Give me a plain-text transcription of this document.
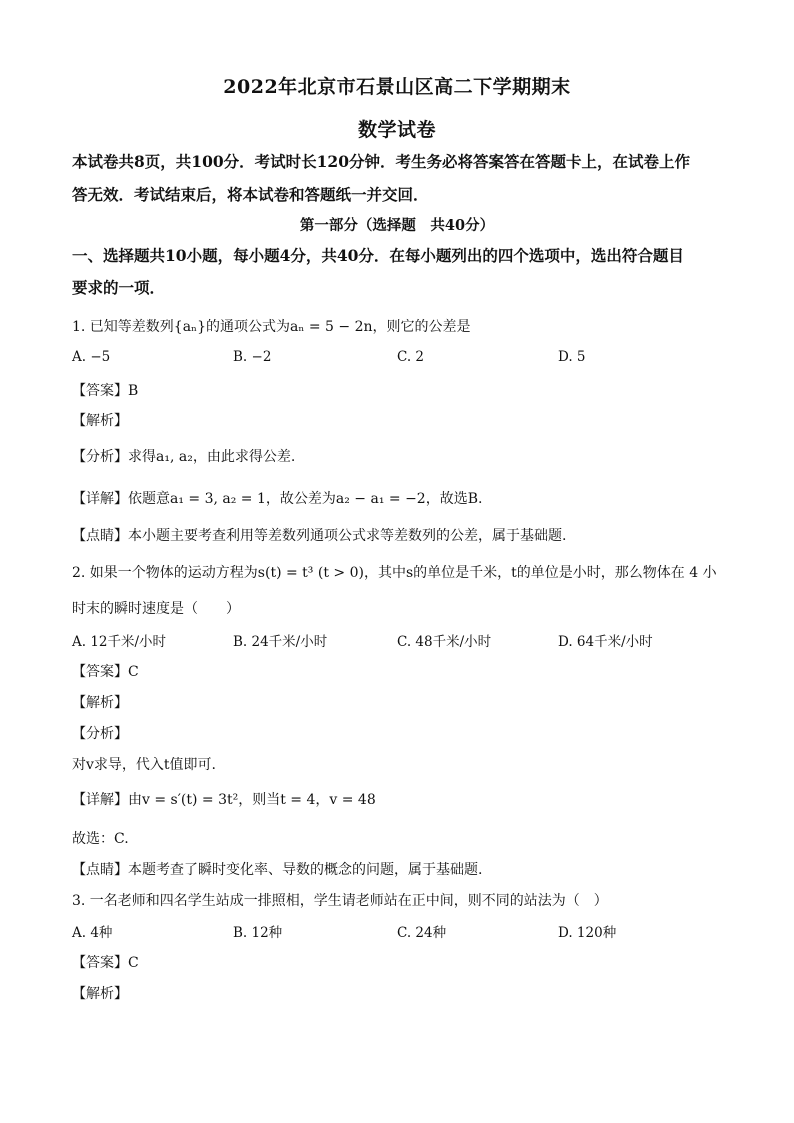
2022年北京市石景山区高二下学期期末
数学试卷
本试卷共8页，共100分．考试时长120分钟．考生务必将答案答在答题卡上，在试卷上作
答无效．考试结束后，将本试卷和答题纸一并交回．
第一部分（选择题　共40分）
一、选择题共10小题，每小题4分，共40分．在每小题列出的四个选项中，选出符合题目
要求的一项．
1. 已知等差数列{aₙ}的通项公式为aₙ = 5 − 2n，则它的公差是
A. −5	B. −2	C. 2	D. 5
【答案】B
【解析】
【分析】求得a₁, a₂，由此求得公差.
【详解】依题意a₁ = 3, a₂ = 1，故公差为a₂ − a₁ = −2，故选B.
【点睛】本小题主要考查利用等差数列通项公式求等差数列的公差，属于基础题.
2. 如果一个物体的运动方程为s(t) = t³ (t > 0)，其中s的单位是千米，t的单位是小时，那么物体在 4 小
时末的瞬时速度是（　　）
A. 12千米/小时	B. 24千米/小时	C. 48千米/小时	D. 64千米/小时
【答案】C
【解析】
【分析】
对v求导，代入t值即可.
【详解】由v = s′(t) = 3t²，则当t = 4，v = 48
故选：C.
【点睛】本题考查了瞬时变化率、导数的概念的问题，属于基础题.
3. 一名老师和四名学生站成一排照相，学生请老师站在正中间，则不同的站法为（　）
A. 4种	B. 12种	C. 24种	D. 120种
【答案】C
【解析】
